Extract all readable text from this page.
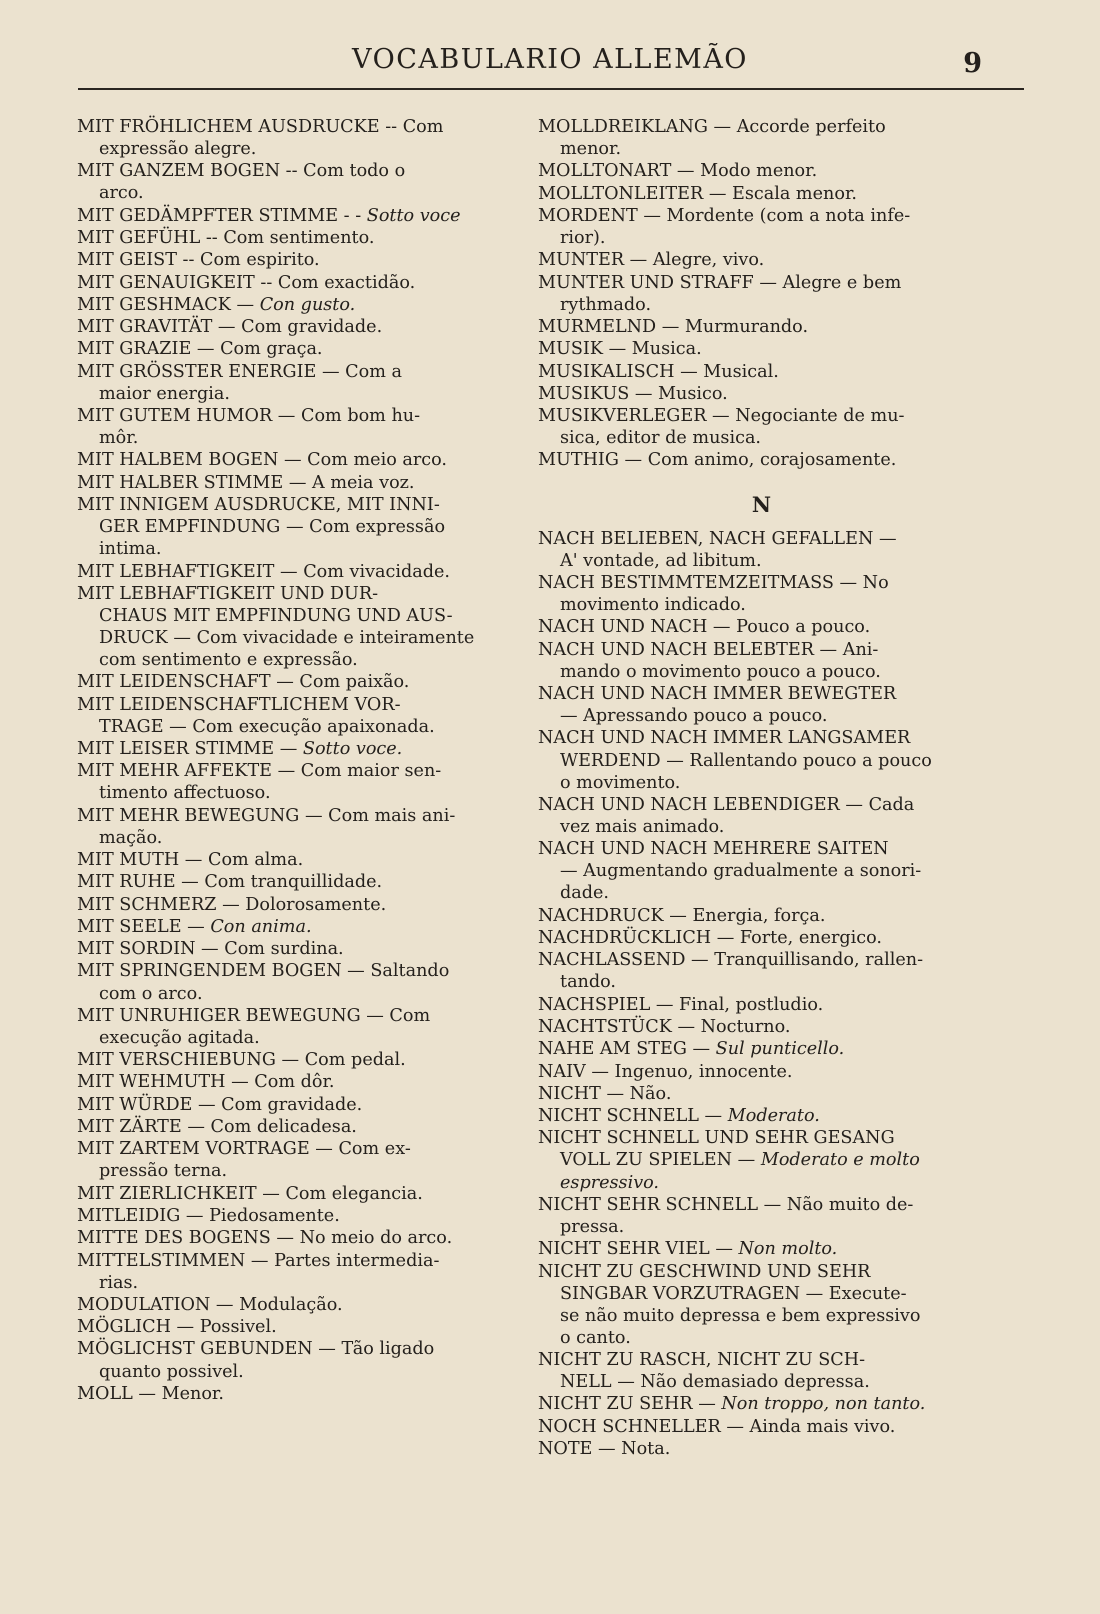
VOCABULARIO ALLEMÃO	9
MIT FRÖHLICHEM AUSDRUCKE -- Com
expressão alegre.
MIT GANZEM BOGEN -- Com todo o
arco.
MIT GEDÄMPFTER STIMME - - Sotto voce
MIT GEFÜHL -- Com sentimento.
MIT GEIST -- Com espirito.
MIT GENAUIGKEIT -- Com exactidão.
MIT GESHMACK — Con gusto.
MIT GRAVITÄT — Com gravidade.
MIT GRAZIE — Com graça.
MIT GRÖSSTER ENERGIE — Com a
maior energia.
MIT GUTEM HUMOR — Com bom hu-
môr.
MIT HALBEM BOGEN — Com meio arco.
MIT HALBER STIMME — A meia voz.
MIT INNIGEM AUSDRUCKE, MIT INNI-
GER EMPFINDUNG — Com expressão
intima.
MIT LEBHAFTIGKEIT — Com vivacidade.
MIT LEBHAFTIGKEIT UND DUR-
CHAUS MIT EMPFINDUNG UND AUS-
DRUCK — Com vivacidade e inteiramente
com sentimento e expressão.
MIT LEIDENSCHAFT — Com paixão.
MIT LEIDENSCHAFTLICHEM VOR-
TRAGE — Com execução apaixonada.
MIT LEISER STIMME — Sotto voce.
MIT MEHR AFFEKTE — Com maior sen-
timento affectuoso.
MIT MEHR BEWEGUNG — Com mais ani-
mação.
MIT MUTH — Com alma.
MIT RUHE — Com tranquillidade.
MIT SCHMERZ — Dolorosamente.
MIT SEELE — Con anima.
MIT SORDIN — Com surdina.
MIT SPRINGENDEM BOGEN — Saltando
com o arco.
MIT UNRUHIGER BEWEGUNG — Com
execução agitada.
MIT VERSCHIEBUNG — Com pedal.
MIT WEHMUTH — Com dôr.
MIT WÜRDE — Com gravidade.
MIT ZÄRTE — Com delicadesa.
MIT ZARTEM VORTRAGE — Com ex-
pressão terna.
MIT ZIERLICHKEIT — Com elegancia.
MITLEIDIG — Piedosamente.
MITTE DES BOGENS — No meio do arco.
MITTELSTIMMEN — Partes intermedia-
rias.
MODULATION — Modulação.
MÖGLICH — Possivel.
MÖGLICHST GEBUNDEN — Tão ligado
quanto possivel.
MOLL — Menor.
MOLLDREIKLANG — Accorde perfeito
menor.
MOLLTONART — Modo menor.
MOLLTONLEITER — Escala menor.
MORDENT — Mordente (com a nota infe-
rior).
MUNTER — Alegre, vivo.
MUNTER UND STRAFF — Alegre e bem
rythmado.
MURMELND — Murmurando.
MUSIK — Musica.
MUSIKALISCH — Musical.
MUSIKUS — Musico.
MUSIKVERLEGER — Negociante de mu-
sica, editor de musica.
MUTHIG — Com animo, corajosamente.
N
NACH BELIEBEN, NACH GEFALLEN —
A' vontade, ad libitum.
NACH BESTIMMTEMZEITMASS — No
movimento indicado.
NACH UND NACH — Pouco a pouco.
NACH UND NACH BELEBTER — Ani-
mando o movimento pouco a pouco.
NACH UND NACH IMMER BEWEGTER
— Apressando pouco a pouco.
NACH UND NACH IMMER LANGSAMER
WERDEND — Rallentando pouco a pouco
o movimento.
NACH UND NACH LEBENDIGER — Cada
vez mais animado.
NACH UND NACH MEHRERE SAITEN
— Augmentando gradualmente a sonori-
dade.
NACHDRUCK — Energia, força.
NACHDRÜCKLICH — Forte, energico.
NACHLASSEND — Tranquillisando, rallen-
tando.
NACHSPIEL — Final, postludio.
NACHTSTÜCK — Nocturno.
NAHE AM STEG — Sul punticello.
NAIV — Ingenuo, innocente.
NICHT — Não.
NICHT SCHNELL — Moderato.
NICHT SCHNELL UND SEHR GESANG
VOLL ZU SPIELEN — Moderato e molto
espressivo.
NICHT SEHR SCHNELL — Não muito de-
pressa.
NICHT SEHR VIEL — Non molto.
NICHT ZU GESCHWIND UND SEHR
SINGBAR VORZUTRAGEN — Execute-
se não muito depressa e bem expressivo
o canto.
NICHT ZU RASCH, NICHT ZU SCH-
NELL — Não demasiado depressa.
NICHT ZU SEHR — Non troppo, non tanto.
NOCH SCHNELLER — Ainda mais vivo.
NOTE — Nota.
